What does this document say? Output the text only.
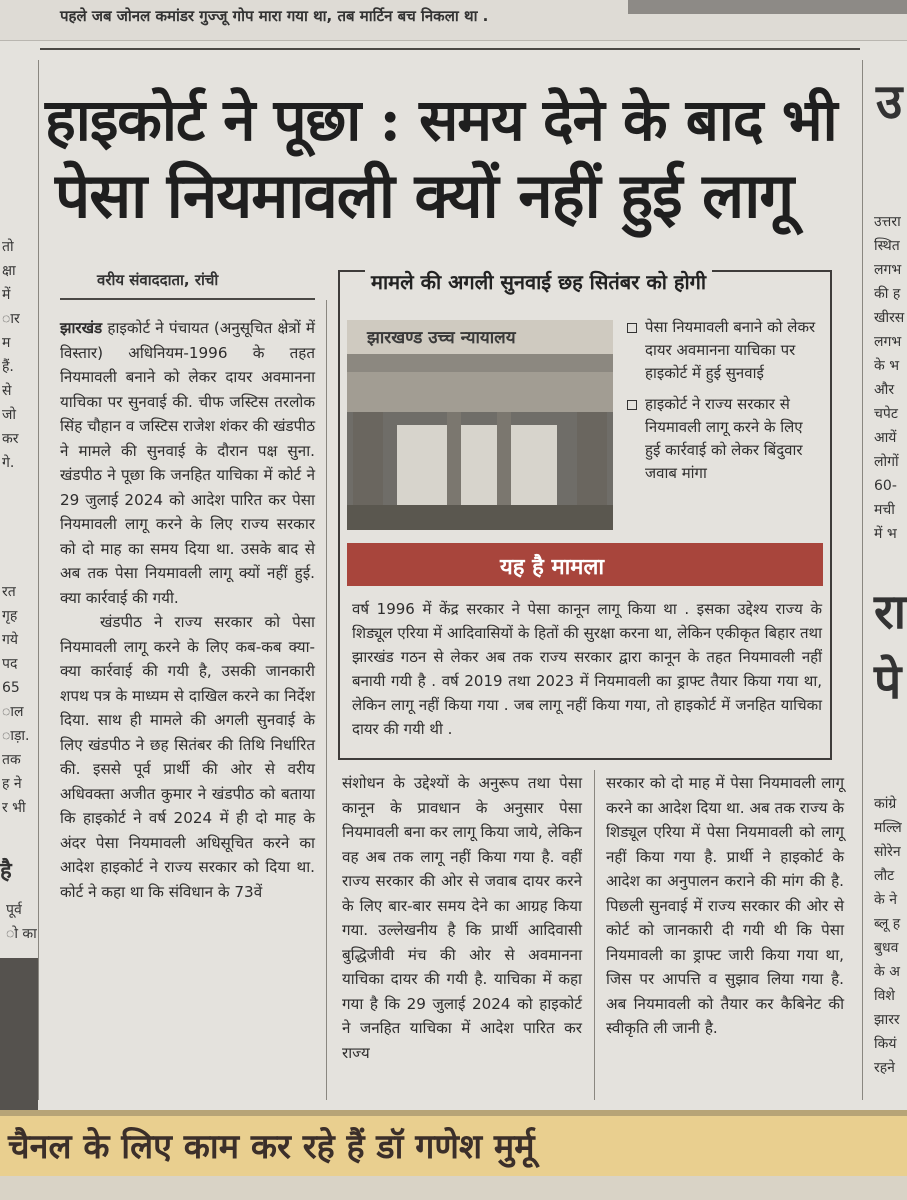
पहले जब जोनल कमांडर गुज्जू गोप मारा गया था, तब मार्टिन बच निकला था .
तो
क्षा
में
ार
म
हैं.
से
जो
कर
गे.
रत
गृह
गये
पद
65
ाल
ाड़ा.
तक
ह ने
र भी
है
पूर्व
ो का
हाइकोर्ट ने पूछा : समय देने के बाद भी
पेसा नियमावली क्यों नहीं हुई लागू
वरीय संवाददाता, रांची

झारखंड हाइकोर्ट ने पंचायत (अनुसूचित क्षेत्रों में विस्तार) अधिनियम-1996 के तहत नियमावली बनाने को लेकर दायर अवमानना याचिका पर सुनवाई की. चीफ जस्टिस तरलोक सिंह चौहान व जस्टिस राजेश शंकर की खंडपीठ ने मामले की सुनवाई के दौरान पक्ष सुना. खंडपीठ ने पूछा कि जनहित याचिका में कोर्ट ने 29 जुलाई 2024 को आदेश पारित कर पेसा नियमावली लागू करने के लिए राज्य सरकार को दो माह का समय दिया था. उसके बाद से अब तक पेसा नियमावली लागू क्यों नहीं हुई. क्या कार्रवाई की गयी.

खंडपीठ ने राज्य सरकार को पेसा नियमावली लागू करने के लिए कब-कब क्या-क्या कार्रवाई की गयी है, उसकी जानकारी शपथ पत्र के माध्यम से दाखिल करने का निर्देश दिया. साथ ही मामले की अगली सुनवाई के लिए खंडपीठ ने छह सितंबर की तिथि निर्धारित की. इससे पूर्व प्रार्थी की ओर से वरीय अधिवक्ता अजीत कुमार ने खंडपीठ को बताया कि हाइकोर्ट ने वर्ष 2024 में ही दो माह के अंदर पेसा नियमावली अधिसूचित करने का आदेश हाइकोर्ट ने राज्य सरकार को दिया था. कोर्ट ने कहा था कि संविधान के 73वें

मामले की अगली सुनवाई छह सितंबर को होगी
झारखण्ड उच्च न्यायालय
पेसा नियमावली बनाने को लेकर दायर अवमानना याचिका पर हाइकोर्ट में हुई सुनवाई
हाइकोर्ट ने राज्य सरकार से नियमावली लागू करने के लिए हुई कार्रवाई को लेकर बिंदुवार जवाब मांगा
यह है मामला
वर्ष 1996 में केंद्र सरकार ने पेसा कानून लागू किया था . इसका उद्देश्य राज्य के शिड्यूल एरिया में आदिवासियों के हितों की सुरक्षा करना था, लेकिन एकीकृत बिहार तथा झारखंड गठन से लेकर अब तक राज्य सरकार द्वारा कानून के तहत नियमावली नहीं बनायी गयी है . वर्ष 2019 तथा 2023 में नियमावली का ड्राफ्ट तैयार किया गया था, लेकिन लागू नहीं किया गया . जब लागू नहीं किया गया, तो हाइकोर्ट में जनहित याचिका दायर की गयी थी .

संशोधन के उद्देश्यों के अनुरूप तथा पेसा कानून के प्रावधान के अनुसार पेसा नियमावली बना कर लागू किया जाये, लेकिन वह अब तक लागू नहीं किया गया है. वहीं राज्य सरकार की ओर से जवाब दायर करने के लिए बार-बार समय देने का आग्रह किया गया. उल्लेखनीय है कि प्रार्थी आदिवासी बुद्धिजीवी मंच की ओर से अवमानना याचिका दायर की गयी है. याचिका में कहा गया है कि 29 जुलाई 2024 को हाइकोर्ट ने जनहित याचिका में आदेश पारित कर राज्य

सरकार को दो माह में पेसा नियमावली लागू करने का आदेश दिया था. अब तक राज्य के शिड्यूल एरिया में पेसा नियमावली को लागू नहीं किया गया है. प्रार्थी ने हाइकोर्ट के आदेश का अनुपालन कराने की मांग की है. पिछली सुनवाई में राज्य सरकार की ओर से कोर्ट को जानकारी दी गयी थी कि पेसा नियमावली का ड्राफ्ट जारी किया गया था, जिस पर आपत्ति व सुझाव लिया गया है. अब नियमावली को तैयार कर कैबिनेट की स्वीकृति ली जानी है.

उ
उत्तरा
स्थित
लगभ
की ह
खीरस
लगभ
के भ
और
चपेट
आयें
लोगों
60-
मची
में भ
रा
पे
कांग्रे
मल्लि
सोरेन
लौट
के ने
ब्लू ह
बुधव
के अ
विशे
झारर
कियं
रहने
चैनल के लिए काम कर रहे हैं डॉ गणेश मुर्मू
